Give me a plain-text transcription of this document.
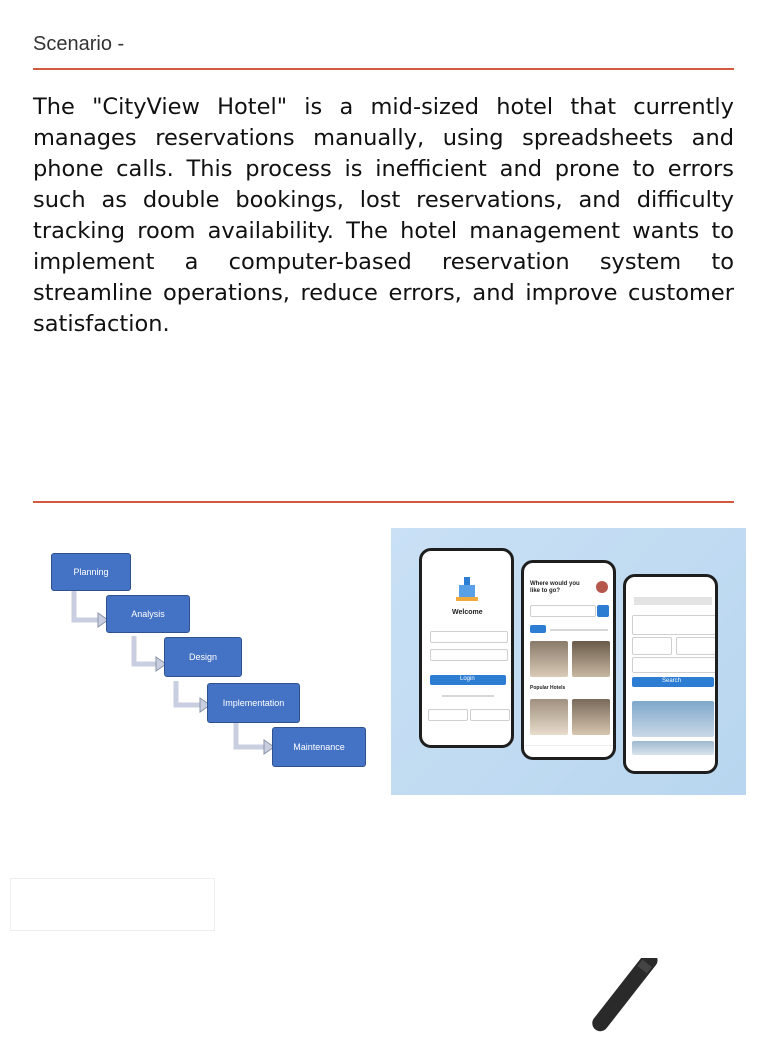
Scenario -

The "CityView Hotel" is a mid-sized hotel that currently manages reservations manually, using spreadsheets and phone calls. This process is inefficient and prone to errors such as double bookings, lost reservations, and difficulty tracking room availability. The hotel management wants to implement a computer-based reservation system to streamline operations, reduce errors, and improve customer satisfaction.

Planning
Analysis
Design
Implementation
Maintenance
Welcome
Login
Where would you like to go?
Popular Hotels
Search
